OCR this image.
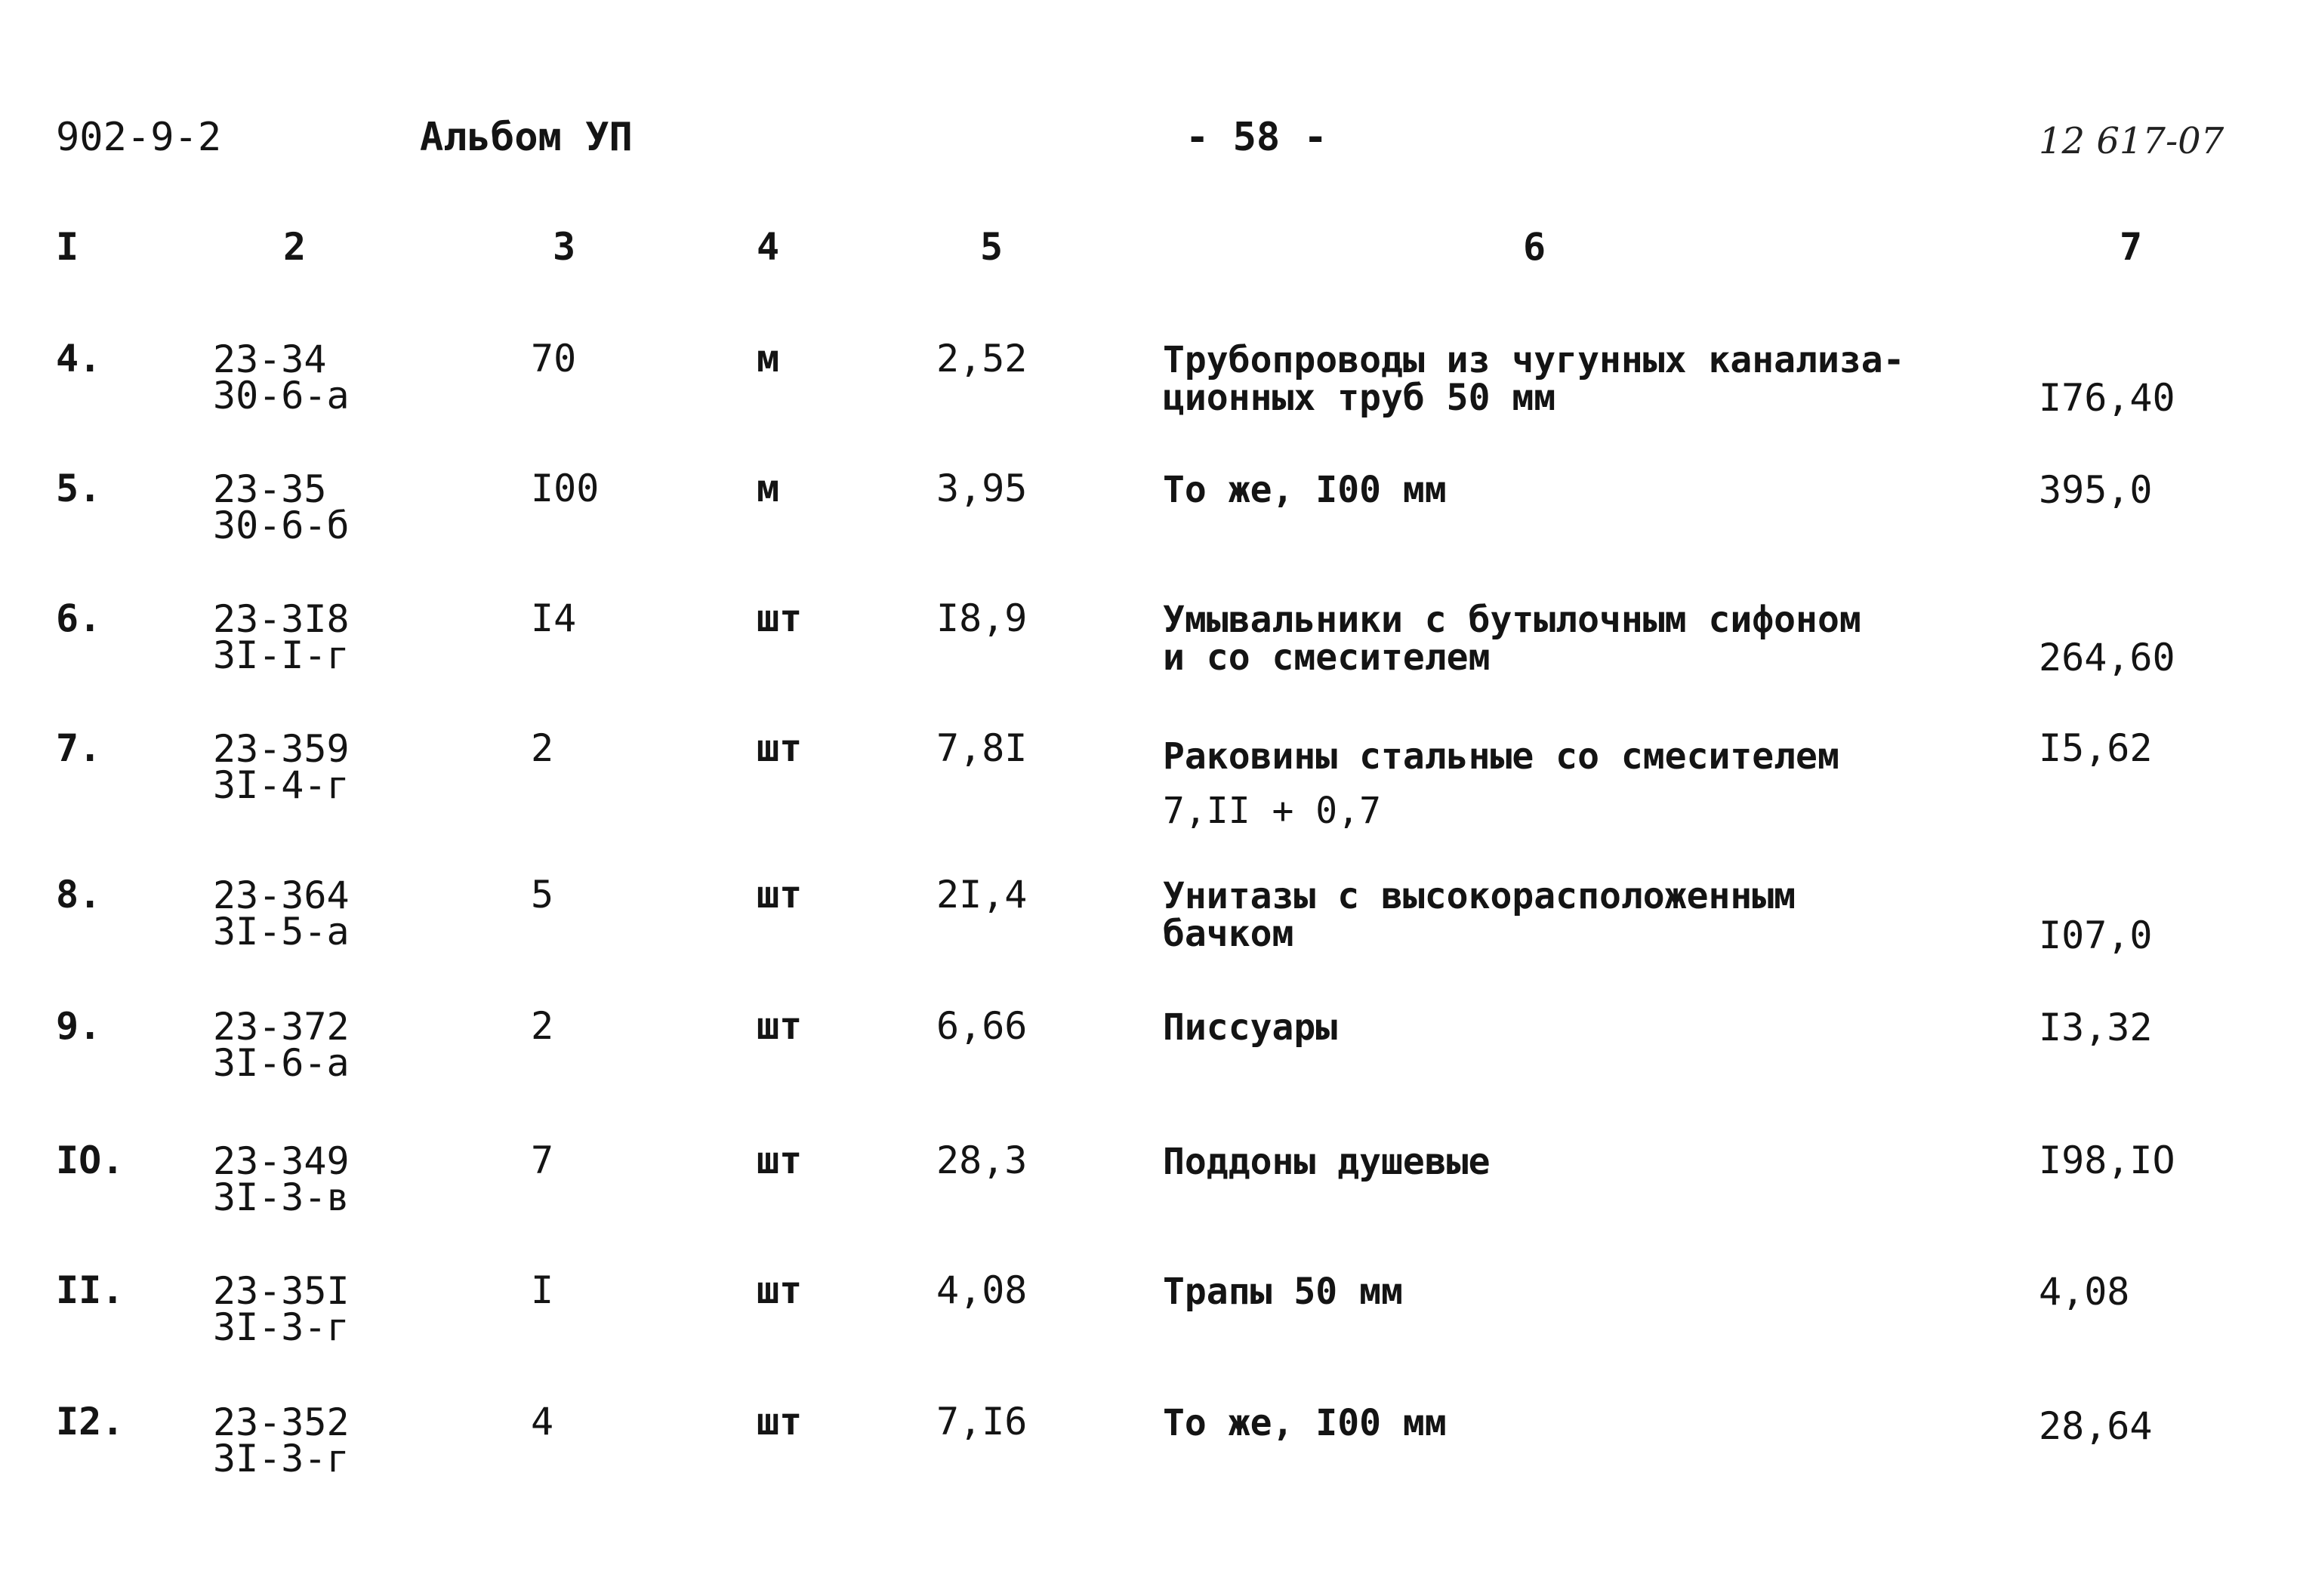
902-9-2	Альбом УП	- 58 -	12 617-07
I	2	3	4	5	6	7
4.	23-34
30-6-а
70	м	2,52	Трубопроводы из чугунных канализа-
ционных труб 50 мм	I76,40
5.	23-35
30-6-б
I00	м	3,95	То же, I00 мм	395,0
6.	23-3I8
3I-I-г
I4	шт	I8,9	Умывальники с бутылочным сифоном
и со смесителем	264,60
7.	23-359
3I-4-г
2	шт	7,8I	Раковины стальные со смесителем
7,II + 0,7
I5,62
8.	23-364
3I-5-а
5	шт	2I,4	Унитазы с высокорасположенным
бачком	I07,0
9.	23-372
3I-6-а
2	шт	6,66	Писсуары	I3,32
IO. 23-349
3I-3-в
7	шт	28,3	Поддоны душевые	I98,IO
II. 23-35I
3I-3-г
I	шт	4,08	Трапы 50 мм	4,08
I2. 23-352
3I-3-г
4	шт	7,I6	То же, I00 мм	28,64
